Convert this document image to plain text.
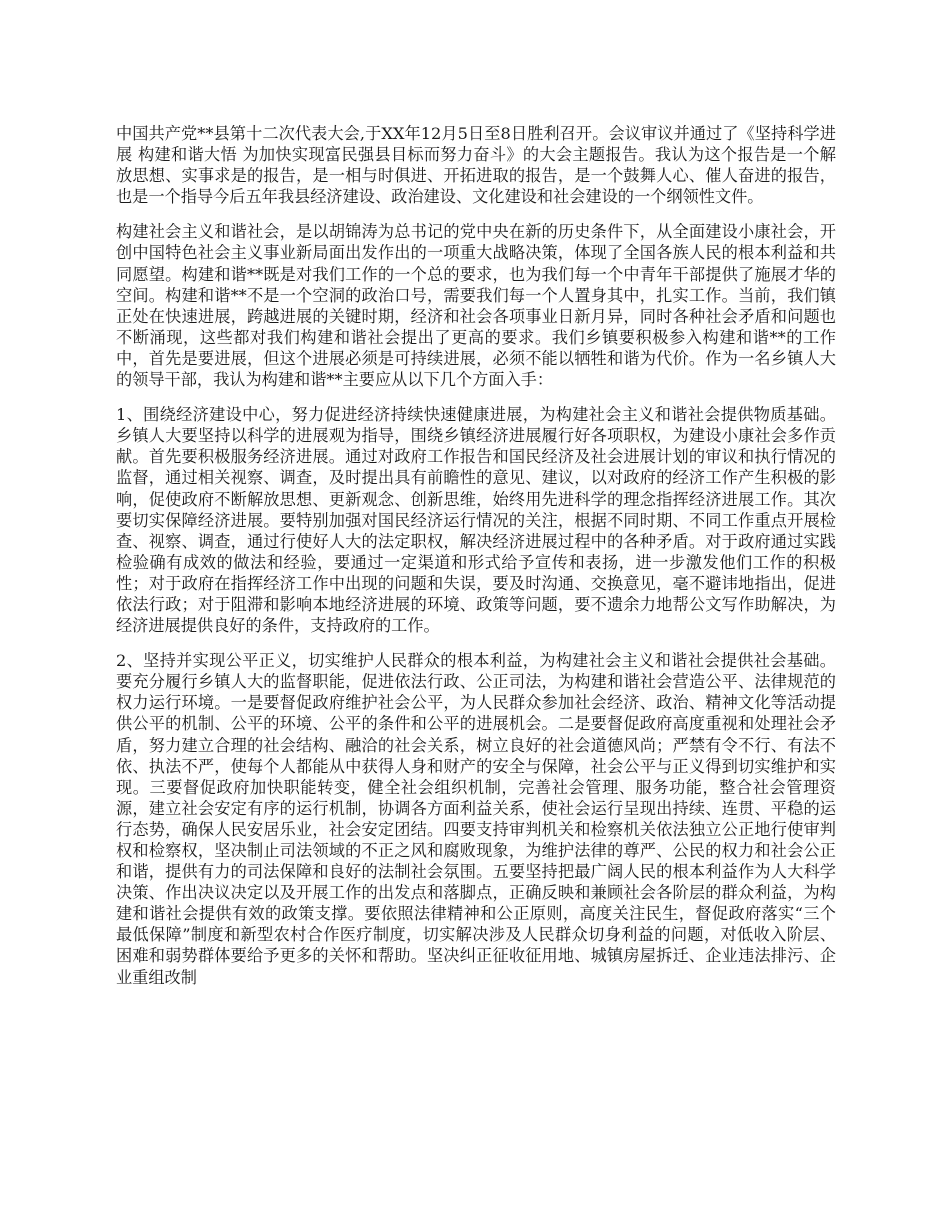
中国共产党**县第十二次代表大会,于XX年12月5日至8日胜利召开。会议审议并通过了《坚持科学进展 构建和谐大悟 为加快实现富民强县目标而努力奋斗》的大会主题报告。我认为这个报告是一个解放思想、实事求是的报告，是一相与时俱进、开拓进取的报告，是一个鼓舞人心、催人奋进的报告，也是一个指导今后五年我县经济建设、政治建设、文化建设和社会建设的一个纲领性文件。

构建社会主义和谐社会，是以胡锦涛为总书记的党中央在新的历史条件下，从全面建设小康社会，开创中国特色社会主义事业新局面出发作出的一项重大战略决策，体现了全国各族人民的根本利益和共同愿望。构建和谐**既是对我们工作的一个总的要求，也为我们每一个中青年干部提供了施展才华的空间。构建和谐**不是一个空洞的政治口号，需要我们每一个人置身其中，扎实工作。当前，我们镇正处在快速进展，跨越进展的关键时期，经济和社会各项事业日新月异，同时各种社会矛盾和问题也不断涌现，这些都对我们构建和谐社会提出了更高的要求。我们乡镇要积极参入构建和谐**的工作中，首先是要进展，但这个进展必须是可持续进展，必须不能以牺牲和谐为代价。作为一名乡镇人大的领导干部，我认为构建和谐**主要应从以下几个方面入手：

1、围绕经济建设中心，努力促进经济持续快速健康进展，为构建社会主义和谐社会提供物质基础。乡镇人大要坚持以科学的进展观为指导，围绕乡镇经济进展履行好各项职权，为建设小康社会多作贡献。首先要积极服务经济进展。通过对政府工作报告和国民经济及社会进展计划的审议和执行情况的监督，通过相关视察、调查，及时提出具有前瞻性的意见、建议，以对政府的经济工作产生积极的影响，促使政府不断解放思想、更新观念、创新思维，始终用先进科学的理念指挥经济进展工作。其次要切实保障经济进展。要特别加强对国民经济运行情况的关注，根据不同时期、不同工作重点开展检查、视察、调查，通过行使好人大的法定职权，解决经济进展过程中的各种矛盾。对于政府通过实践检验确有成效的做法和经验，要通过一定渠道和形式给予宣传和表扬，进一步激发他们工作的积极性；对于政府在指挥经济工作中出现的问题和失误，要及时沟通、交换意见，毫不避讳地指出，促进依法行政；对于阻滞和影响本地经济进展的环境、政策等问题，要不遗余力地帮公文写作助解决，为经济进展提供良好的条件，支持政府的工作。

2、坚持并实现公平正义，切实维护人民群众的根本利益，为构建社会主义和谐社会提供社会基础。要充分履行乡镇人大的监督职能，促进依法行政、公正司法，为构建和谐社会营造公平、法律规范的权力运行环境。一是要督促政府维护社会公平，为人民群众参加社会经济、政治、精神文化等活动提供公平的机制、公平的环境、公平的条件和公平的进展机会。二是要督促政府高度重视和处理社会矛盾，努力建立合理的社会结构、融洽的社会关系，树立良好的社会道德风尚；严禁有令不行、有法不依、执法不严，使每个人都能从中获得人身和财产的安全与保障，社会公平与正义得到切实维护和实现。三要督促政府加快职能转变，健全社会组织机制，完善社会管理、服务功能，整合社会管理资源，建立社会安定有序的运行机制，协调各方面利益关系，使社会运行呈现出持续、连贯、平稳的运行态势，确保人民安居乐业，社会安定团结。四要支持审判机关和检察机关依法独立公正地行使审判权和检察权，坚决制止司法领域的不正之风和腐败现象，为维护法律的尊严、公民的权力和社会公正和谐，提供有力的司法保障和良好的法制社会氛围。五要坚持把最广阔人民的根本利益作为人大科学决策、作出决议决定以及开展工作的出发点和落脚点，正确反映和兼顾社会各阶层的群众利益，为构建和谐社会提供有效的政策支撑。要依照法律精神和公正原则，高度关注民生，督促政府落实“三个最低保障”制度和新型农村合作医疗制度，切实解决涉及人民群众切身利益的问题，对低收入阶层、困难和弱势群体要给予更多的关怀和帮助。坚决纠正征收征用地、城镇房屋拆迁、企业违法排污、企业重组改制
